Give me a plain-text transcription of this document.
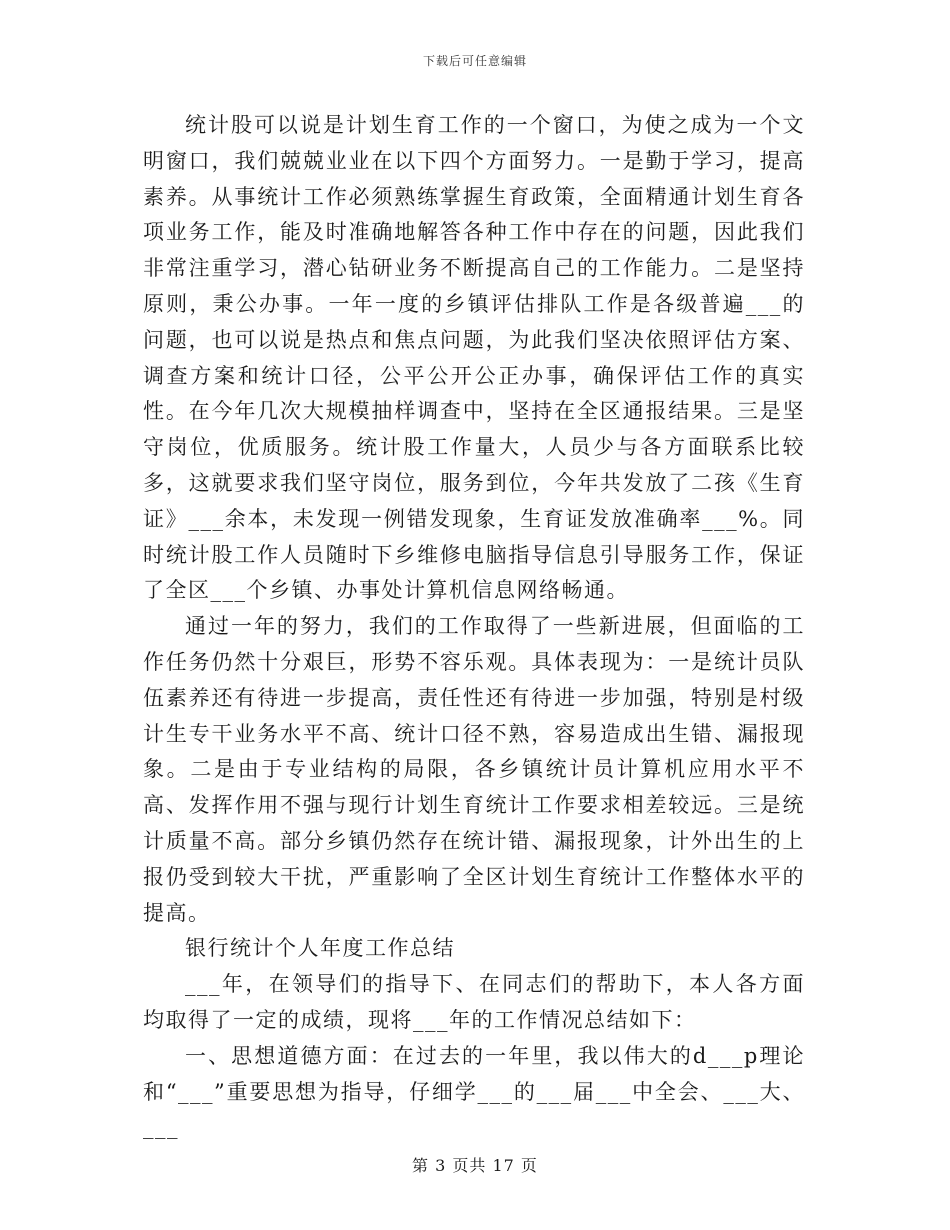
下载后可任意编辑

统计股可以说是计划生育工作的一个窗口，为使之成为一个文明窗口，我们兢兢业业在以下四个方面努力。一是勤于学习，提高素养。从事统计工作必须熟练掌握生育政策，全面精通计划生育各项业务工作，能及时准确地解答各种工作中存在的问题，因此我们非常注重学习，潜心钻研业务不断提高自己的工作能力。二是坚持原则，秉公办事。一年一度的乡镇评估排队工作是各级普遍___的问题，也可以说是热点和焦点问题，为此我们坚决依照评估方案、调查方案和统计口径，公平公开公正办事，确保评估工作的真实性。在今年几次大规模抽样调查中，坚持在全区通报结果。三是坚守岗位，优质服务。统计股工作量大，人员少与各方面联系比较多，这就要求我们坚守岗位，服务到位，今年共发放了二孩《生育证》___余本，未发现一例错发现象，生育证发放准确率___%。同时统计股工作人员随时下乡维修电脑指导信息引导服务工作，保证了全区___个乡镇、办事处计算机信息网络畅通。

通过一年的努力，我们的工作取得了一些新进展，但面临的工作任务仍然十分艰巨，形势不容乐观。具体表现为：一是统计员队伍素养还有待进一步提高，责任性还有待进一步加强，特别是村级计生专干业务水平不高、统计口径不熟，容易造成出生错、漏报现象。二是由于专业结构的局限，各乡镇统计员计算机应用水平不高、发挥作用不强与现行计划生育统计工作要求相差较远。三是统计质量不高。部分乡镇仍然存在统计错、漏报现象，计外出生的上报仍受到较大干扰，严重影响了全区计划生育统计工作整体水平的提高。

银行统计个人年度工作总结

___年，在领导们的指导下、在同志们的帮助下，本人各方面均取得了一定的成绩，现将___年的工作情况总结如下：

一、思想道德方面：在过去的一年里，我以伟大的d___p理论和“___”重要思想为指导，仔细学___的___届___中全会、___大、___

第 3 页共 17 页
